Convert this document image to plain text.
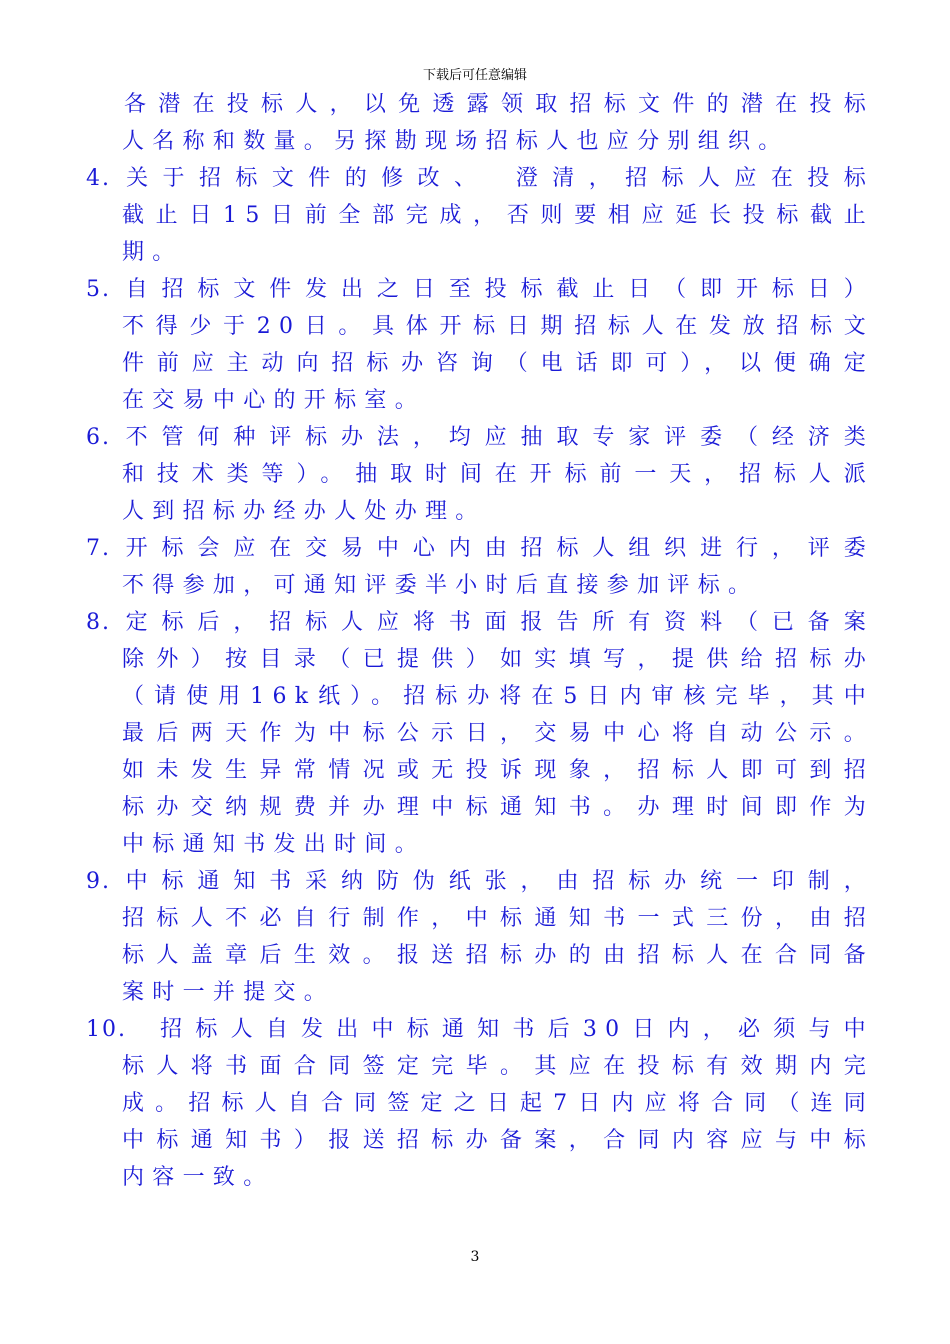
下载后可任意编辑
各潜在投标人，以免透露领取招标文件的潜在投标
人名称和数量。另探勘现场招标人也应分别组织。
4. 关于招标文件的修改、　澄清，招标人应在投标
截止日15日前全部完成，否则要相应延长投标截止
期。
5. 自招标文件发出之日至投标截止日（即开标日）
不得少于20日。具体开标日期招标人在发放招标文
件前应主动向招标办咨询（电话即可），以便确定
在交易中心的开标室。
6. 不管何种评标办法，均应抽取专家评委（经济类
和技术类等）。抽取时间在开标前一天，招标人派
人到招标办经办人处办理。
7. 开标会应在交易中心内由招标人组织进行，评委
不得参加，可通知评委半小时后直接参加评标。
8. 定标后，招标人应将书面报告所有资料（已备案
除外）按目录（已提供）如实填写，提供给招标办
（请使用16k纸）。招标办将在5日内审核完毕，其中
最后两天作为中标公示日，交易中心将自动公示。
如未发生异常情况或无投诉现象，招标人即可到招
标办交纳规费并办理中标通知书。办理时间即作为
中标通知书发出时间。
9. 中标通知书采纳防伪纸张，由招标办统一印制，
招标人不必自行制作，中标通知书一式三份，由招
标人盖章后生效。报送招标办的由招标人在合同备
案时一并提交。
10.　招标人自发出中标通知书后30日内，必须与中
标人将书面合同签定完毕。其应在投标有效期内完
成。招标人自合同签定之日起7日内应将合同（连同
中标通知书）报送招标办备案，合同内容应与中标
内容一致。
3
